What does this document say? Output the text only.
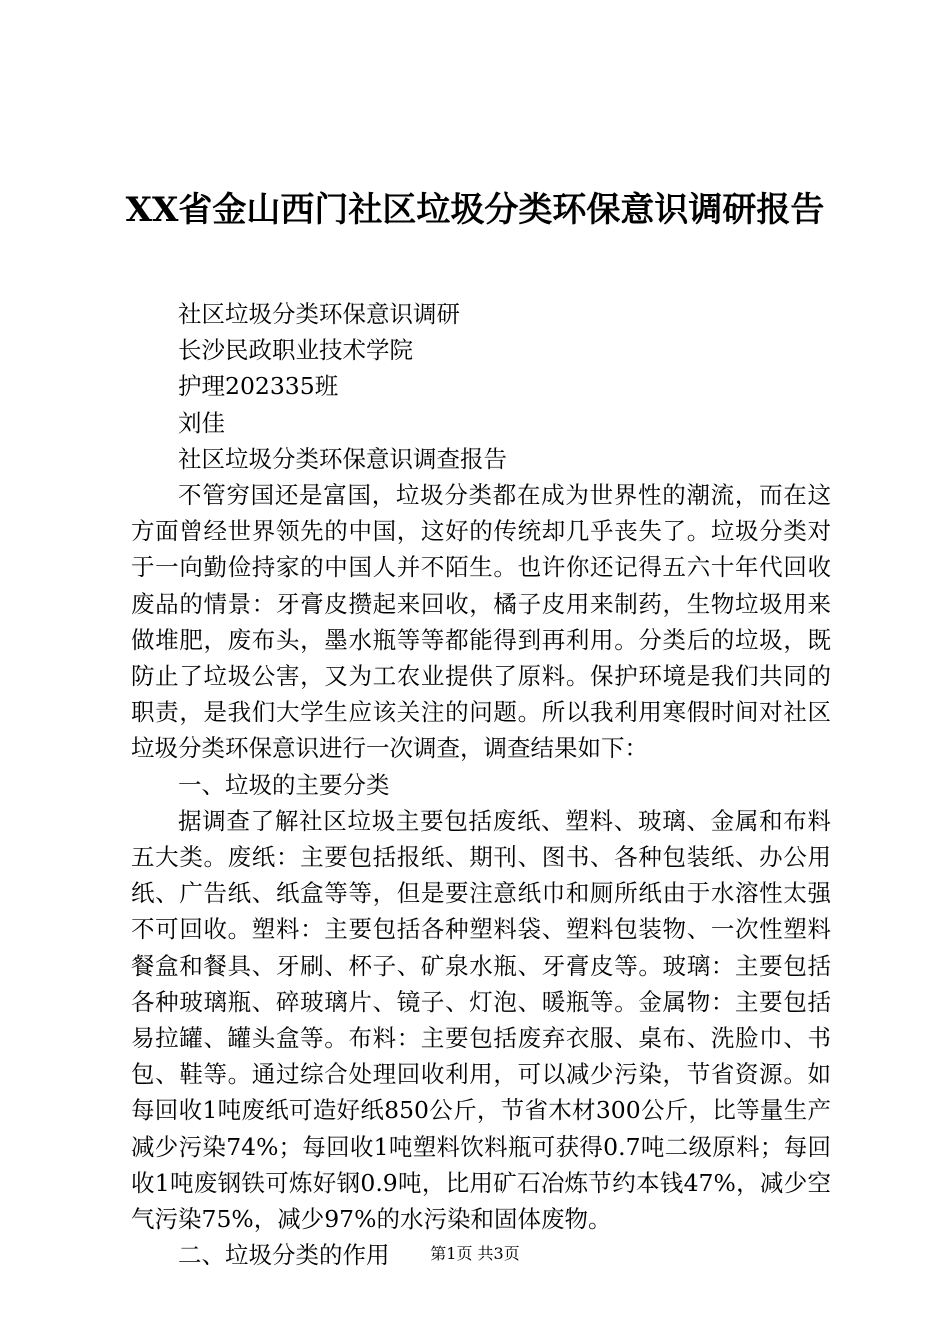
XX省金山西门社区垃圾分类环保意识调研报告

社区垃圾分类环保意识调研

长沙民政职业技术学院

护理202335班

刘佳

社区垃圾分类环保意识调查报告

不管穷国还是富国，垃圾分类都在成为世界性的潮流，而在这方面曾经世界领先的中国，这好的传统却几乎丧失了。垃圾分类对于一向勤俭持家的中国人并不陌生。也许你还记得五六十年代回收废品的情景：牙膏皮攒起来回收，橘子皮用来制药，生物垃圾用来做堆肥，废布头，墨水瓶等等都能得到再利用。分类后的垃圾，既防止了垃圾公害，又为工农业提供了原料。保护环境是我们共同的职责，是我们大学生应该关注的问题。所以我利用寒假时间对社区垃圾分类环保意识进行一次调查，调查结果如下：

一、垃圾的主要分类

据调查了解社区垃圾主要包括废纸、塑料、玻璃、金属和布料五大类。废纸：主要包括报纸、期刊、图书、各种包装纸、办公用纸、广告纸、纸盒等等，但是要注意纸巾和厕所纸由于水溶性太强不可回收。塑料：主要包括各种塑料袋、塑料包装物、一次性塑料餐盒和餐具、牙刷、杯子、矿泉水瓶、牙膏皮等。玻璃：主要包括各种玻璃瓶、碎玻璃片、镜子、灯泡、暖瓶等。金属物：主要包括易拉罐、罐头盒等。布料：主要包括废弃衣服、桌布、洗脸巾、书包、鞋等。通过综合处理回收利用，可以减少污染，节省资源。如每回收1吨废纸可造好纸850公斤，节省木材300公斤，比等量生产减少污染74%；每回收1吨塑料饮料瓶可获得0.7吨二级原料；每回收1吨废钢铁可炼好钢0.9吨，比用矿石冶炼节约本钱47%，减少空气污染75%，减少97%的水污染和固体废物。

二、垃圾分类的作用	第1页 共3页
